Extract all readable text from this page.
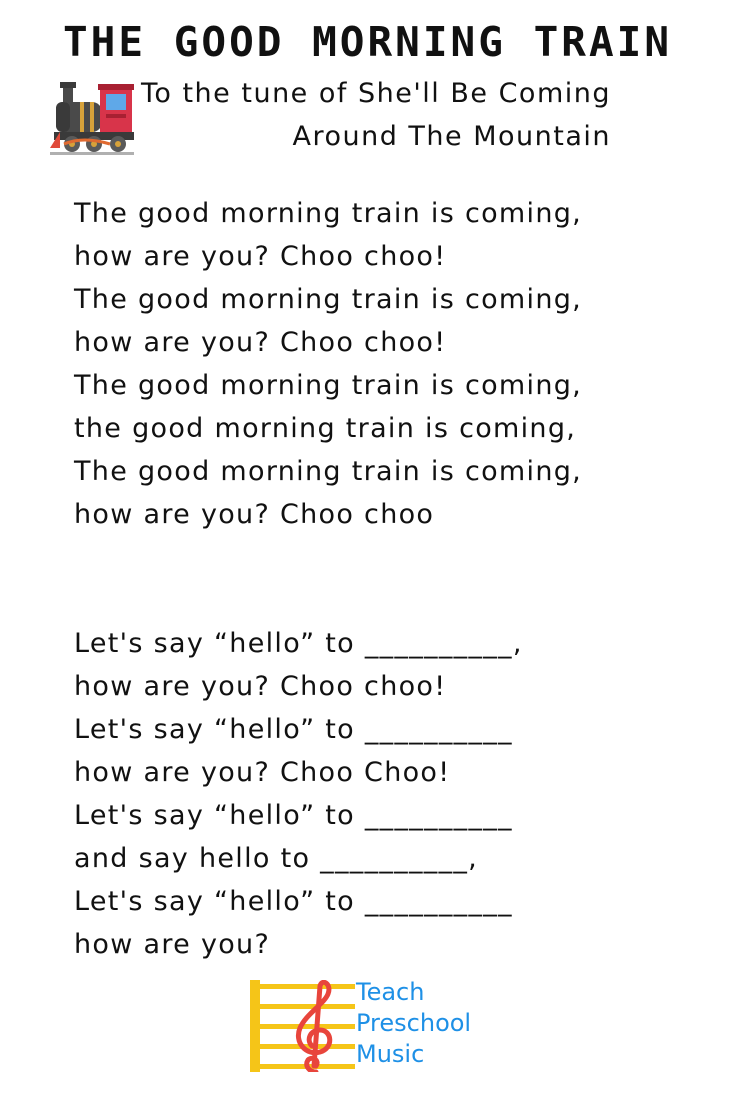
THE GOOD MORNING TRAIN
To the tune of She'll Be Coming
Around The Mountain
The good morning train is coming,
how are you? Choo choo!
The good morning train is coming,
how are you? Choo choo!
The good morning train is coming,
the good morning train is coming,
The good morning train is coming,
how are you? Choo choo
Let's say “hello” to __________,
how are you? Choo choo!
Let's say “hello” to __________
how are you? Choo Choo!
Let's say “hello” to __________
and say hello to __________,
Let's say “hello” to __________
how are you?
Teach
Preschool
Music
